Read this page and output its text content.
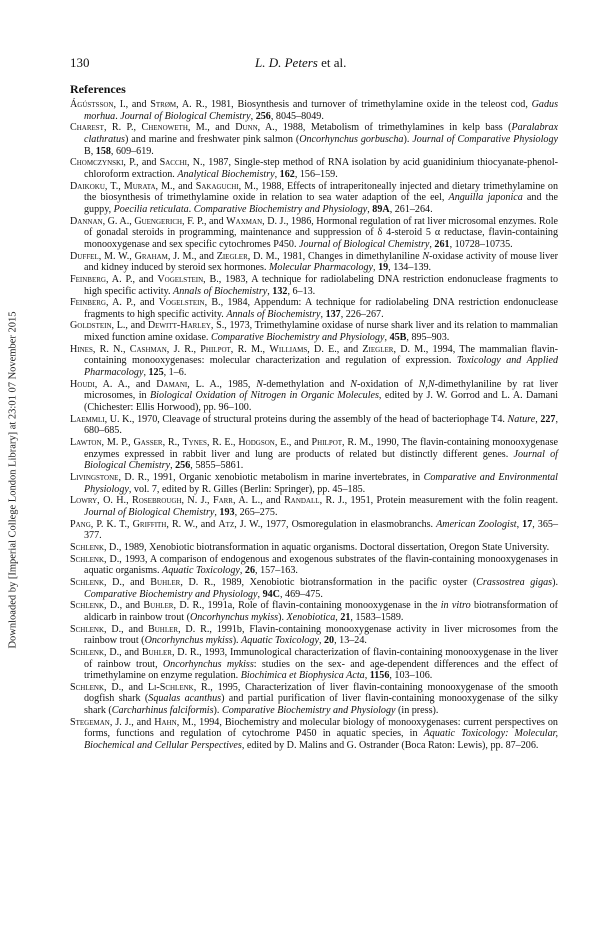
130	L. D. Peters et al.
Downloaded by [Imperial College London Library] at 23:01 07 November 2015
References

Ágústsson, I., and Strøm, A. R., 1981, Biosynthesis and turnover of trimethylamine oxide in the teleost cod, Gadus morhua. Journal of Biological Chemistry, 256, 8045–8049.

Charest, R. P., Chenoweth, M., and Dunn, A., 1988, Metabolism of trimethylamines in kelp bass (Paralabrax clathratus) and marine and freshwater pink salmon (Oncorhynchus gorbuscha). Journal of Comparative Physiology B, 158, 609–619.

Chomczynski, P., and Sacchi, N., 1987, Single-step method of RNA isolation by acid guanidinium thiocyanate-phenol-chloroform extraction. Analytical Biochemistry, 162, 156–159.

Daikoku, T., Murata, M., and Sakaguchi, M., 1988, Effects of intraperitoneally injected and dietary trimethylamine on the biosynthesis of trimethylamine oxide in relation to sea water adaption of the eel, Anguilla japonica and the guppy, Poecilia reticulata. Comparative Biochemistry and Physiology, 89A, 261–264.

Dannan, G. A., Guengerich, F. P., and Waxman, D. J., 1986, Hormonal regulation of rat liver microsomal enzymes. Role of gonadal steroids in programming, maintenance and suppression of δ 4-steroid 5 α reductase, flavin-containing monooxygenase and sex specific cytochromes P450. Journal of Biological Chemistry, 261, 10728–10735.

Duffel, M. W., Graham, J. M., and Ziegler, D. M., 1981, Changes in dimethylaniline N-oxidase activity of mouse liver and kidney induced by steroid sex hormones. Molecular Pharmacology, 19, 134–139.

Feinberg, A. P., and Vogelstein, B., 1983, A technique for radiolabeling DNA restriction endonuclease fragments to high specific activity. Annals of Biochemistry, 132, 6–13.

Feinberg, A. P., and Vogelstein, B., 1984, Appendum: A technique for radiolabeling DNA restriction endonuclease fragments to high specific activity. Annals of Biochemistry, 137, 226–267.

Goldstein, L., and Dewitt-Harley, S., 1973, Trimethylamine oxidase of nurse shark liver and its relation to mammalian mixed function amine oxidase. Comparative Biochemistry and Physiology, 45B, 895–903.

Hines, R. N., Cashman, J. R., Philpot, R. M., Williams, D. E., and Ziegler, D. M., 1994, The mammalian flavin-containing monooxygenases: molecular characterization and regulation of expression. Toxicology and Applied Pharmacology, 125, 1–6.

Houdi, A. A., and Damani, L. A., 1985, N-demethylation and N-oxidation of N,N-dimethylaniline by rat liver microsomes, in Biological Oxidation of Nitrogen in Organic Molecules, edited by J. W. Gorrod and L. A. Damani (Chichester: Ellis Horwood), pp. 96–100.

Laemmli, U. K., 1970, Cleavage of structural proteins during the assembly of the head of bacteriophage T4. Nature, 227, 680–685.

Lawton, M. P., Gasser, R., Tynes, R. E., Hodgson, E., and Philpot, R. M., 1990, The flavin-containing monooxygenase enzymes expressed in rabbit liver and lung are products of related but distinctly different genes. Journal of Biological Chemistry, 256, 5855–5861.

Livingstone, D. R., 1991, Organic xenobiotic metabolism in marine invertebrates, in Comparative and Environmental Physiology, vol. 7, edited by R. Gilles (Berlin: Springer), pp. 45–185.

Lowry, O. H., Rosebrough, N. J., Farr, A. L., and Randall, R. J., 1951, Protein measurement with the folin reagent. Journal of Biological Chemistry, 193, 265–275.

Pang, P. K. T., Griffith, R. W., and Atz, J. W., 1977, Osmoregulation in elasmobranchs. American Zoologist, 17, 365–377.

Schlenk, D., 1989, Xenobiotic biotransformation in aquatic organisms. Doctoral dissertation, Oregon State University.

Schlenk, D., 1993, A comparison of endogenous and exogenous substrates of the flavin-containing monooxygenases in aquatic organisms. Aquatic Toxicology, 26, 157–163.

Schlenk, D., and Buhler, D. R., 1989, Xenobiotic biotransformation in the pacific oyster (Crassostrea gigas). Comparative Biochemistry and Physiology, 94C, 469–475.

Schlenk, D., and Buhler, D. R., 1991a, Role of flavin-containing monooxygenase in the in vitro biotransformation of aldicarb in rainbow trout (Oncorhynchus mykiss). Xenobiotica, 21, 1583–1589.

Schlenk, D., and Buhler, D. R., 1991b, Flavin-containing monooxygenase activity in liver microsomes from the rainbow trout (Oncorhynchus mykiss). Aquatic Toxicology, 20, 13–24.

Schlenk, D., and Buhler, D. R., 1993, Immunological characterization of flavin-containing monooxygenase in the liver of rainbow trout, Oncorhynchus mykiss: studies on the sex- and age-dependent differences and the effect of trimethylamine on enzyme regulation. Biochimica et Biophysica Acta, 1156, 103–106.

Schlenk, D., and Li-Schlenk, R., 1995, Characterization of liver flavin-containing monooxygenase of the smooth dogfish shark (Squalas acanthus) and partial purification of liver flavin-containing monooxygenase of the silky shark (Carcharhinus falciformis). Comparative Biochemistry and Physiology (in press).

Stegeman, J. J., and Hahn, M., 1994, Biochemistry and molecular biology of monooxygenases: current perspectives on forms, functions and regulation of cytochrome P450 in aquatic species, in Aquatic Toxicology: Molecular, Biochemical and Cellular Perspectives, edited by D. Malins and G. Ostrander (Boca Raton: Lewis), pp. 87–206.
